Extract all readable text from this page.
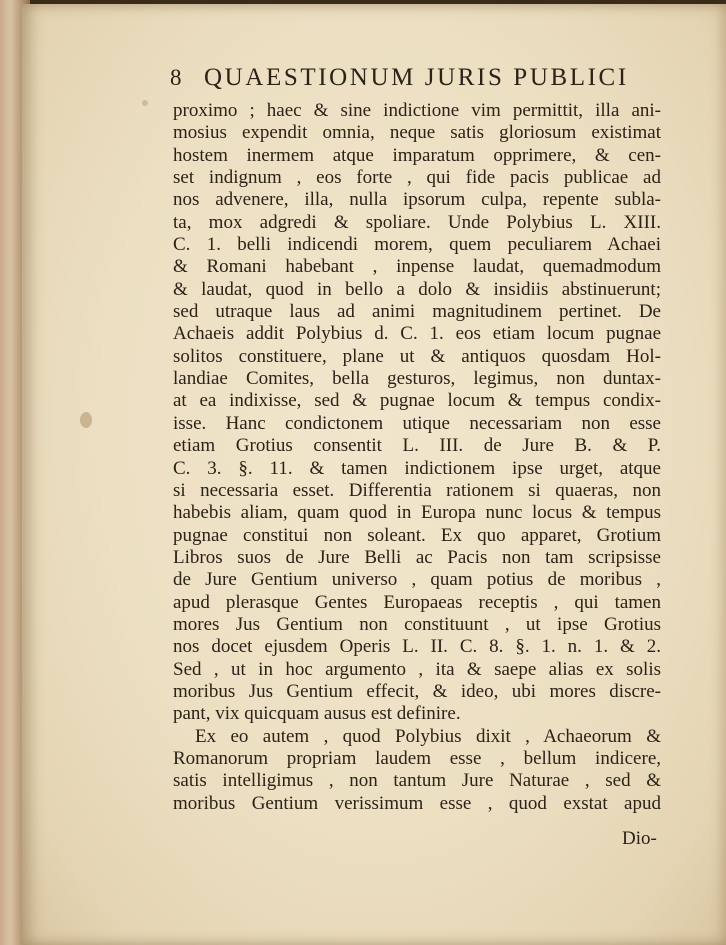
8 QUAESTIONUM JURIS PUBLICI
proximo ; haec & sine indictione vim permittit, illa ani-
mosius expendit omnia, neque satis gloriosum existimat
hostem inermem atque imparatum opprimere, & cen-
set indignum , eos forte , qui fide pacis publicae ad
nos advenere, illa, nulla ipsorum culpa, repente subla-
ta, mox adgredi & spoliare. Unde Polybius L. XIII.
C. 1. belli indicendi morem, quem peculiarem Achaei
& Romani habebant , inpense laudat, quemadmodum
& laudat, quod in bello a dolo & insidiis abstinuerunt;
sed utraque laus ad animi magnitudinem pertinet. De
Achaeis addit Polybius d. C. 1. eos etiam locum pugnae
solitos constituere, plane ut & antiquos quosdam Hol-
landiae Comites, bella gesturos, legimus, non duntax-
at ea indixisse, sed & pugnae locum & tempus condix-
isse. Hanc condictonem utique necessariam non esse
etiam Grotius consentit L. III. de Jure B. & P.
C. 3. §. 11. & tamen indictionem ipse urget, atque
si necessaria esset. Differentia rationem si quaeras, non
habebis aliam, quam quod in Europa nunc locus & tempus
pugnae constitui non soleant. Ex quo apparet, Grotium
Libros suos de Jure Belli ac Pacis non tam scripsisse
de Jure Gentium universo , quam potius de moribus ,
apud plerasque Gentes Europaeas receptis , qui tamen
mores Jus Gentium non constituunt , ut ipse Grotius
nos docet ejusdem Operis L. II. C. 8. §. 1. n. 1. & 2.
Sed , ut in hoc argumento , ita & saepe alias ex solis
moribus Jus Gentium effecit, & ideo, ubi mores discre-
pant, vix quicquam ausus est definire.
Ex eo autem , quod Polybius dixit , Achaeorum &
Romanorum propriam laudem esse , bellum indicere,
satis intelligimus , non tantum Jure Naturae , sed &
moribus Gentium verissimum esse , quod exstat apud
Dio-
